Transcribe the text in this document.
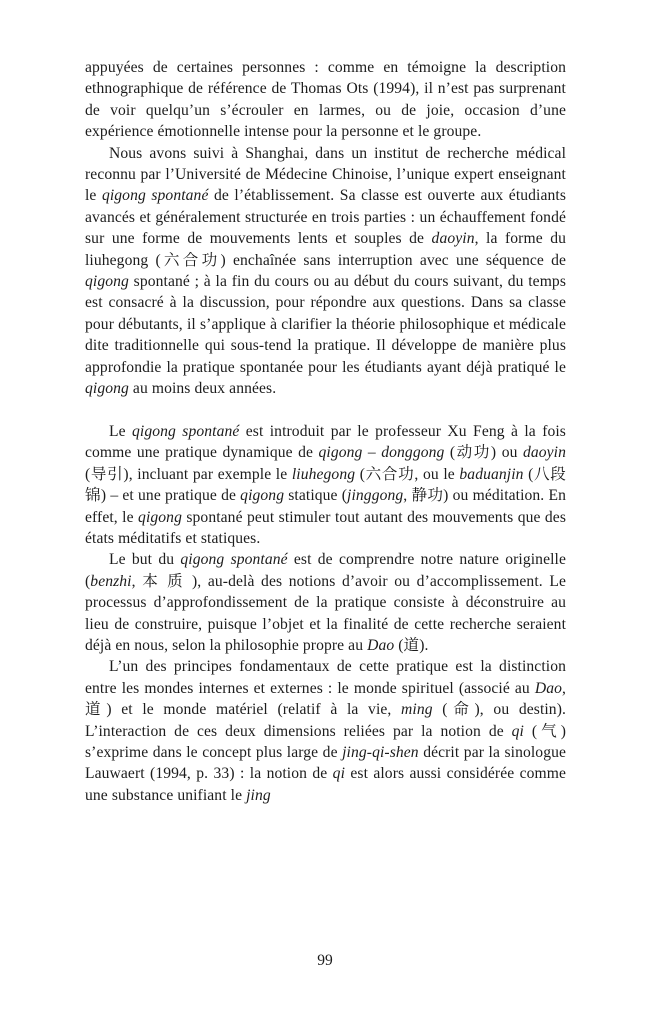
appuyées de certaines personnes : comme en témoigne la description ethnographique de référence de Thomas Ots (1994), il n’est pas surprenant de voir quelqu’un s’écrouler en larmes, ou de joie, occasion d’une expérience émotionnelle intense pour la personne et le groupe.

Nous avons suivi à Shanghai, dans un institut de recherche médical reconnu par l’Université de Médecine Chinoise, l’unique expert enseignant le qigong spontané de l’établissement. Sa classe est ouverte aux étudiants avancés et généralement structurée en trois parties : un échauffement fondé sur une forme de mouvements lents et souples de daoyin, la forme du liuhegong (六合功) enchaînée sans interruption avec une séquence de qigong spontané ; à la fin du cours ou au début du cours suivant, du temps est consacré à la discussion, pour répondre aux questions. Dans sa classe pour débutants, il s’applique à clarifier la théorie philosophique et médicale dite traditionnelle qui sous-tend la pratique. Il développe de manière plus approfondie la pratique spontanée pour les étudiants ayant déjà pratiqué le qigong au moins deux années.

Le qigong spontané est introduit par le professeur Xu Feng à la fois comme une pratique dynamique de qigong – donggong (动功) ou daoyin (导引), incluant par exemple le liuhegong (六合功, ou le baduanjin (八段锦) – et une pratique de qigong statique (jinggong, 静功) ou méditation. En effet, le qigong spontané peut stimuler tout autant des mouvements que des états méditatifs et statiques.

Le but du qigong spontané est de comprendre notre nature originelle (benzhi, 本 质 ), au-delà des notions d’avoir ou d’accomplissement. Le processus d’approfondissement de la pratique consiste à déconstruire au lieu de construire, puisque l’objet et la finalité de cette recherche seraient déjà en nous, selon la philosophie propre au Dao (道).

L’un des principes fondamentaux de cette pratique est la distinction entre les mondes internes et externes : le monde spirituel (associé au Dao, 道) et le monde matériel (relatif à la vie, ming (命), ou destin). L’interaction de ces deux dimensions reliées par la notion de qi (气) s’exprime dans le concept plus large de jing-qi-shen décrit par la sinologue Lauwaert (1994, p. 33) : la notion de qi est alors aussi considérée comme une substance unifiant le jing

99
